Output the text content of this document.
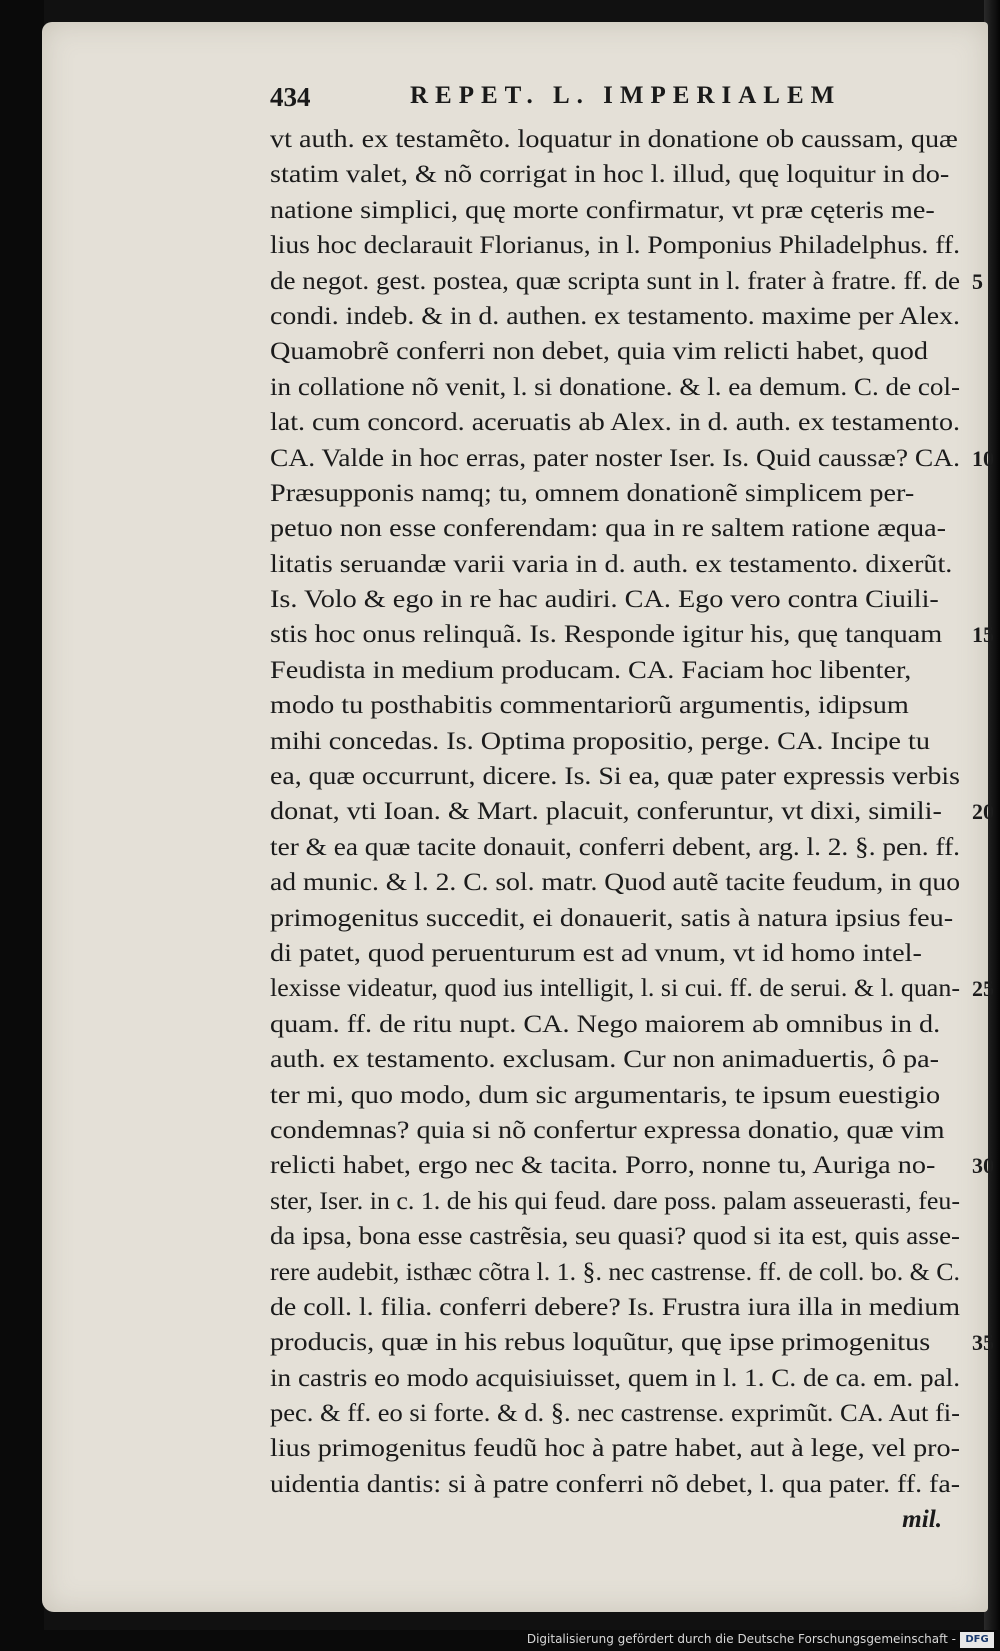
434	REPET. L. IMPERIALEM
vt auth. ex testamẽto. loquatur in donatione ob caussam, quæ
statim valet, & nõ corrigat in hoc l. illud, quę loquitur in do-
natione simplici, quę morte confirmatur, vt præ cęteris me-
lius hoc declarauit Florianus, in l. Pomponius Philadelphus. ff.
de negot. gest. postea, quæ scripta sunt in l. frater à fratre. ff. de 5
condi. indeb. & in d. authen. ex testamento. maxime per Alex.
Quamobrẽ conferri non debet, quia vim relicti habet, quod
in collatione nõ venit, l. si donatione. & l. ea demum. C. de col-
lat. cum concord. aceruatis ab Alex. in d. auth. ex testamento.
CA. Valde in hoc erras, pater noster Iser. Is. Quid caussæ? CA. 10
Præsupponis namq; tu, omnem donationẽ simplicem per-
petuo non esse conferendam: qua in re saltem ratione æqua-
litatis seruandæ varii varia in d. auth. ex testamento. dixerũt.
Is. Volo & ego in re hac audiri. CA. Ego vero contra Ciuili-
stis hoc onus relinquã. Is. Responde igitur his, quę tanquam 15
Feudista in medium producam. CA. Faciam hoc libenter,
modo tu posthabitis commentariorũ argumentis, idipsum
mihi concedas. Is. Optima propositio, perge. CA. Incipe tu
ea, quæ occurrunt, dicere. Is. Si ea, quæ pater expressis verbis
donat, vti Ioan. & Mart. placuit, conferuntur, vt dixi, simili- 20
ter & ea quæ tacite donauit, conferri debent, arg. l. 2. §. pen. ff.
ad munic. & l. 2. C. sol. matr. Quod autẽ tacite feudum, in quo
primogenitus succedit, ei donauerit, satis à natura ipsius feu-
di patet, quod peruenturum est ad vnum, vt id homo intel-
lexisse videatur, quod ius intelligit, l. si cui. ff. de serui. & l. quan- 25
quam. ff. de ritu nupt. CA. Nego maiorem ab omnibus in d.
auth. ex testamento. exclusam. Cur non animaduertis, ô pa-
ter mi, quo modo, dum sic argumentaris, te ipsum euestigio
condemnas? quia si nõ confertur expressa donatio, quæ vim
relicti habet, ergo nec & tacita. Porro, nonne tu, Auriga no- 30
ster, Iser. in c. 1. de his qui feud. dare poss. palam asseuerasti, feu-
da ipsa, bona esse castrẽsia, seu quasi? quod si ita est, quis asse-
rere audebit, isthæc cõtra l. 1. §. nec castrense. ff. de coll. bo. & C.
de coll. l. filia. conferri debere? Is. Frustra iura illa in medium
producis, quæ in his rebus loquũtur, quę ipse primogenitus 35
in castris eo modo acquisiuisset, quem in l. 1. C. de ca. em. pal.
pec. & ff. eo si forte. & d. §. nec castrense. exprimũt. CA. Aut fi-
lius primogenitus feudũ hoc à patre habet, aut à lege, vel pro-
uidentia dantis: si à patre conferri nõ debet, l. qua pater. ff. fa-
mil.
Digitalisierung gefördert durch die Deutsche Forschungsgemeinschaft - DFG
